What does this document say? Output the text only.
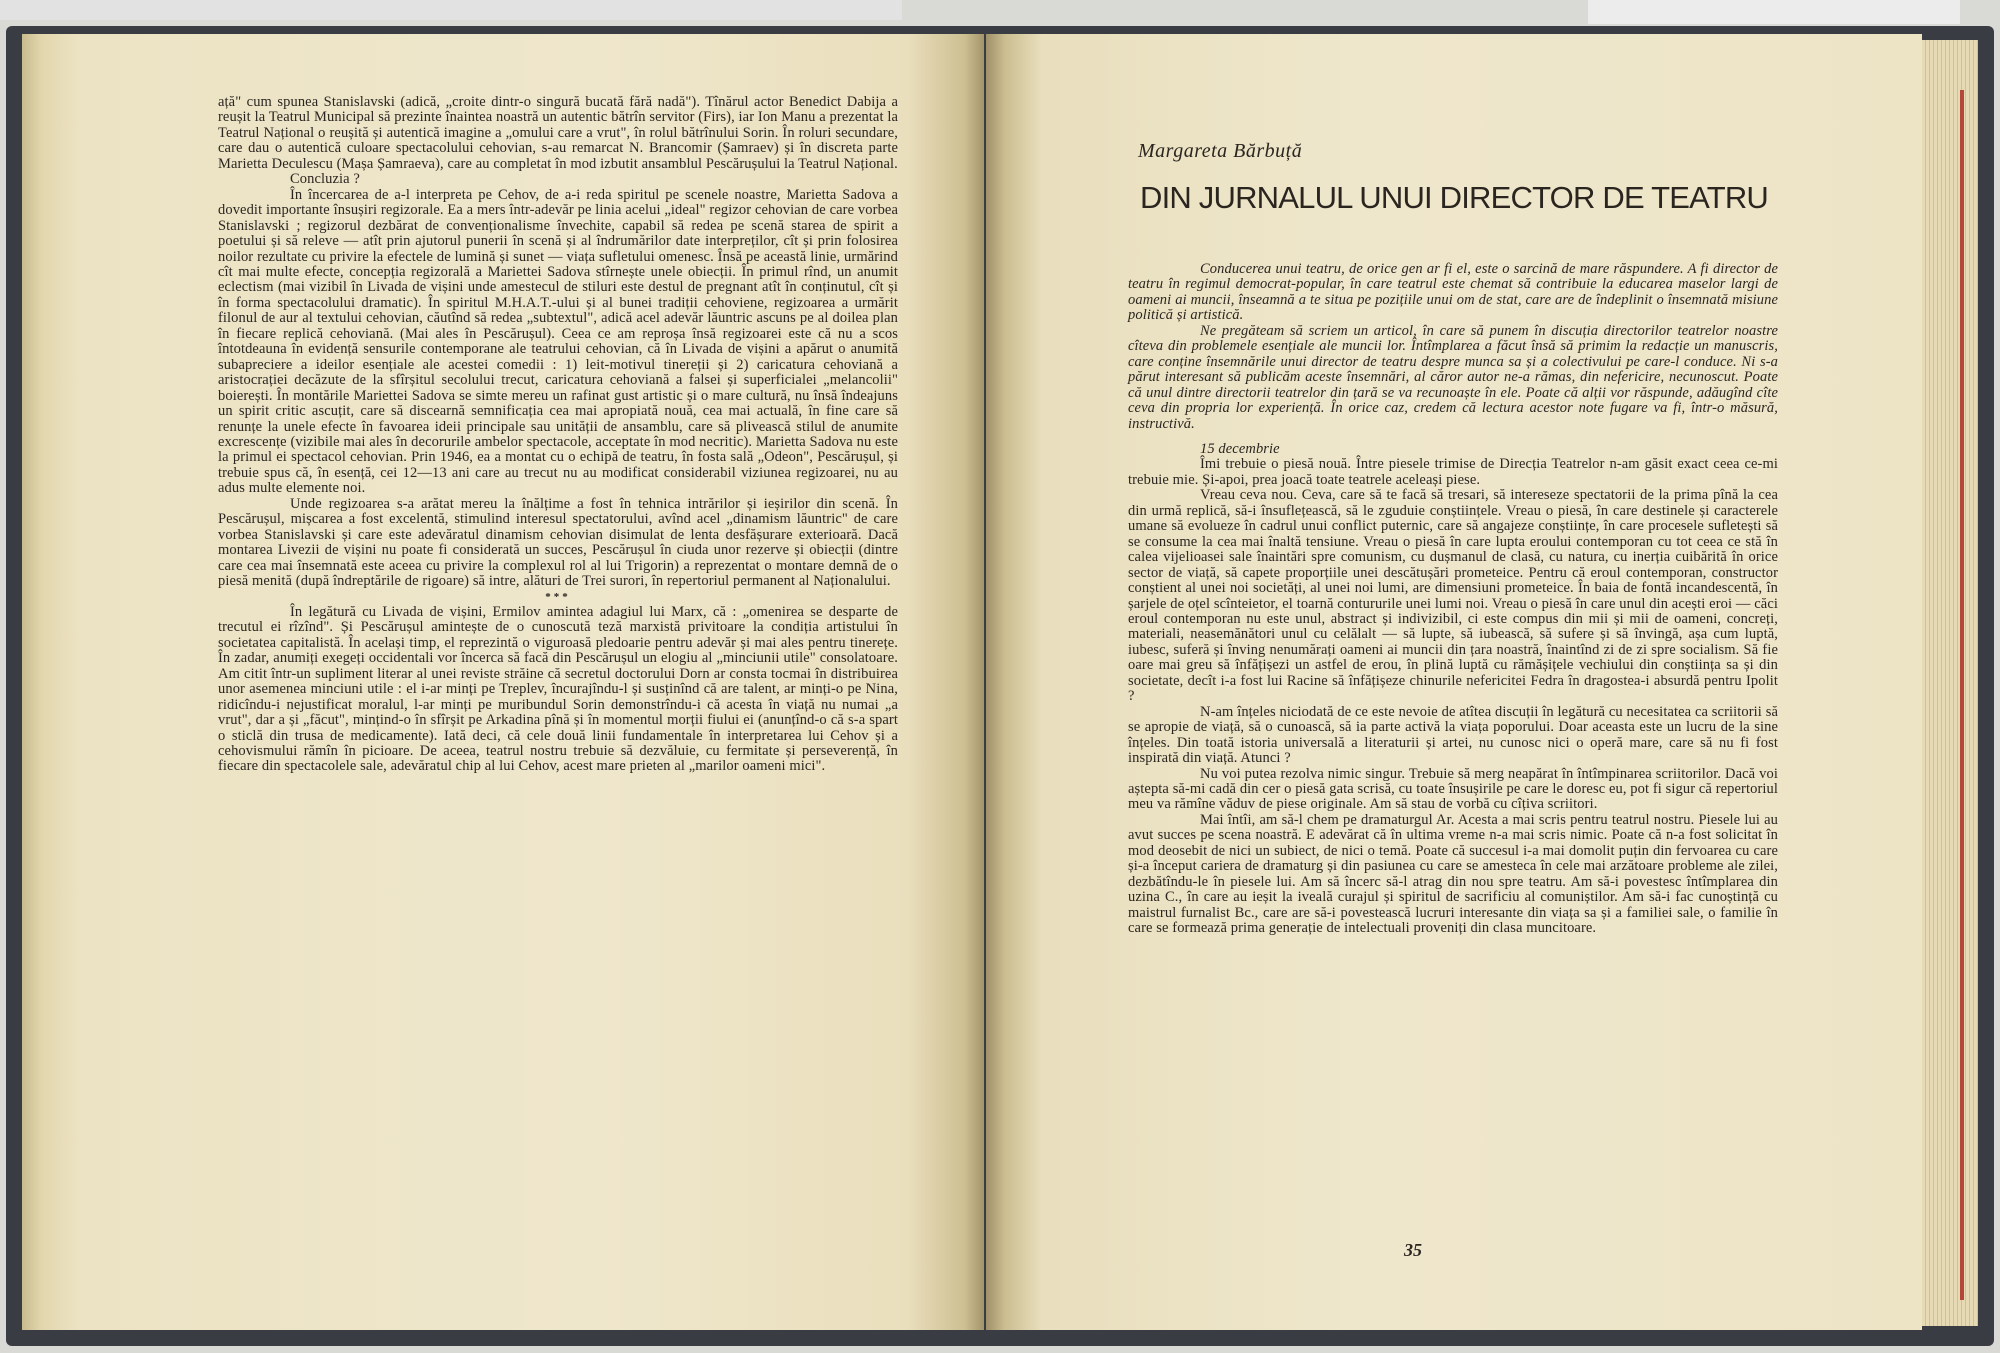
ață" cum spunea Stanislavski (adică, „croite dintr-o singură bucată fără nadă"). Tînărul actor Benedict Dabija a reușit la Teatrul Municipal să prezinte înaintea noastră un autentic bătrîn servitor (Firs), iar Ion Manu a prezentat la Teatrul Național o reușită și autentică imagine a „omului care a vrut", în rolul bătrînului Sorin. În roluri secundare, care dau o autentică culoare spectacolului cehovian, s-au remarcat N. Brancomir (Șamraev) și în discreta parte Marietta Deculescu (Mașa Șamraeva), care au completat în mod izbutit ansamblul Pescărușului la Teatrul Național.

Concluzia ?

În încercarea de a-l interpreta pe Cehov, de a-i reda spiritul pe scenele noastre, Marietta Sadova a dovedit importante însușiri regizorale. Ea a mers într-adevăr pe linia acelui „ideal" regizor cehovian de care vorbea Stanislavski ; regizorul dezbărat de convenționalisme învechite, capabil să redea pe scenă starea de spirit a poetului și să releve — atît prin ajutorul punerii în scenă și al îndrumărilor date interpreților, cît și prin folosirea noilor rezultate cu privire la efectele de lumină și sunet — viața sufletului omenesc. Însă pe această linie, urmărind cît mai multe efecte, concepția regizorală a Mariettei Sadova stîrnește unele obiecții. În primul rînd, un anumit eclectism (mai vizibil în Livada de vișini unde amestecul de stiluri este destul de pregnant atît în conținutul, cît și în forma spectacolului dramatic). În spiritul M.H.A.T.-ului și al bunei tradiții cehoviene, regizoarea a urmărit filonul de aur al textului cehovian, căutînd să redea „subtextul", adică acel adevăr lăuntric ascuns pe al doilea plan în fiecare replică cehoviană. (Mai ales în Pescărușul). Ceea ce am reproșa însă regizoarei este că nu a scos întotdeauna în evidență sensurile contemporane ale teatrului cehovian, că în Livada de vișini a apărut o anumită subapreciere a ideilor esențiale ale acestei comedii : 1) leit-motivul tinereții și 2) caricatura cehoviană a aristocrației decăzute de la sfîrșitul secolului trecut, caricatura cehoviană a falsei și superficialei „melancolii" boierești. În montările Mariettei Sadova se simte mereu un rafinat gust artistic și o mare cultură, nu însă îndeajuns un spirit critic ascuțit, care să discearnă semnificația cea mai apropiată nouă, cea mai actuală, în fine care să renunțe la unele efecte în favoarea ideii principale sau unității de ansamblu, care să plivească stilul de anumite excrescențe (vizibile mai ales în decorurile ambelor spectacole, acceptate în mod necritic). Marietta Sadova nu este la primul ei spectacol cehovian. Prin 1946, ea a montat cu o echipă de teatru, în fosta sală „Odeon", Pescărușul, și trebuie spus că, în esență, cei 12—13 ani care au trecut nu au modificat considerabil viziunea regizoarei, nu au adus multe elemente noi.

Unde regizoarea s-a arătat mereu la înălțime a fost în tehnica intrărilor și ieșirilor din scenă. În Pescărușul, mișcarea a fost excelentă, stimulind interesul spectatorului, avînd acel „dinamism lăuntric" de care vorbea Stanislavski și care este adevăratul dinamism cehovian disimulat de lenta desfășurare exterioară. Dacă montarea Livezii de vișini nu poate fi considerată un succes, Pescărușul în ciuda unor rezerve și obiecții (dintre care cea mai însemnată este aceea cu privire la complexul rol al lui Trigorin) a reprezentat o montare demnă de o piesă menită (după îndreptările de rigoare) să intre, alături de Trei surori, în repertoriul permanent al Naționalului.

***

În legătură cu Livada de vișini, Ermilov amintea adagiul lui Marx, că : „omenirea se desparte de trecutul ei rîzînd". Și Pescărușul amintește de o cunoscută teză marxistă privitoare la condiția artistului în societatea capitalistă. În același timp, el reprezintă o viguroasă pledoarie pentru adevăr și mai ales pentru tinerețe. În zadar, anumiți exegeți occidentali vor încerca să facă din Pescărușul un elogiu al „minciunii utile" consolatoare. Am citit într-un supliment literar al unei reviste străine că secretul doctorului Dorn ar consta tocmai în distribuirea unor asemenea minciuni utile : el i-ar minți pe Treplev, încurajîndu-l și susținînd că are talent, ar minți-o pe Nina, ridicîndu-i nejustificat moralul, l-ar minți pe muribundul Sorin demonstrîndu-i că acesta în viață nu numai „a vrut", dar a și „făcut", mințind-o în sfîrșit pe Arkadina pînă și în momentul morții fiului ei (anunțînd-o că s-a spart o sticlă din trusa de medicamente). Iată deci, că cele două linii fundamentale în interpretarea lui Cehov și a cehovismului rămîn în picioare. De aceea, teatrul nostru trebuie să dezvăluie, cu fermitate și perseverență, în fiecare din spectacolele sale, adevăratul chip al lui Cehov, acest mare prieten al „marilor oameni mici".

Margareta Bărbuță
DIN JURNALUL UNUI DIRECTOR DE TEATRU

Conducerea unui teatru, de orice gen ar fi el, este o sarcină de mare răspundere. A fi director de teatru în regimul democrat-popular, în care teatrul este chemat să contribuie la educarea maselor largi de oameni ai muncii, înseamnă a te situa pe pozițiile unui om de stat, care are de îndeplinit o însemnată misiune politică și artistică.

Ne pregăteam să scriem un articol, în care să punem în discuția directorilor teatrelor noastre cîteva din problemele esențiale ale muncii lor. Întîmplarea a făcut însă să primim la redacție un manuscris, care conține însemnările unui director de teatru despre munca sa și a colectivului pe care-l conduce. Ni s-a părut interesant să publicăm aceste însemnări, al căror autor ne-a rămas, din nefericire, necunoscut. Poate că unul dintre directorii teatrelor din țară se va recunoaște în ele. Poate că alții vor răspunde, adăugînd cîte ceva din propria lor experiență. În orice caz, credem că lectura acestor note fugare va fi, într-o măsură, instructivă.

15 decembrie

Îmi trebuie o piesă nouă. Între piesele trimise de Direcția Teatrelor n-am găsit exact ceea ce-mi trebuie mie. Și-apoi, prea joacă toate teatrele aceleași piese.

Vreau ceva nou. Ceva, care să te facă să tresari, să intereseze spectatorii de la prima pînă la cea din urmă replică, să-i însuflețească, să le zguduie conștiințele. Vreau o piesă, în care destinele și caracterele umane să evolueze în cadrul unui conflict puternic, care să angajeze conștiințe, în care procesele sufletești să se consume la cea mai înaltă tensiune. Vreau o piesă în care lupta eroului contemporan cu tot ceea ce stă în calea vijelioasei sale înaintări spre comunism, cu dușmanul de clasă, cu natura, cu inerția cuibărită în orice sector de viață, să capete proporțiile unei descătușări prometeice. Pentru că eroul contemporan, constructor conștient al unei noi societăți, al unei noi lumi, are dimensiuni prometeice. În baia de fontă incandescentă, în șarjele de oțel scînteietor, el toarnă contururile unei lumi noi. Vreau o piesă în care unul din acești eroi — căci eroul contemporan nu este unul, abstract și indivizibil, ci este compus din mii și mii de oameni, concreți, materiali, neasemănători unul cu celălalt — să lupte, să iubească, să sufere și să învingă, așa cum luptă, iubesc, suferă și înving nenumărați oameni ai muncii din țara noastră, înaintînd zi de zi spre socialism. Să fie oare mai greu să înfățișezi un astfel de erou, în plină luptă cu rămășițele vechiului din conștiința sa și din societate, decît i-a fost lui Racine să înfățișeze chinurile nefericitei Fedra în dragostea-i absurdă pentru Ipolit ?

N-am înțeles niciodată de ce este nevoie de atîtea discuții în legătură cu necesitatea ca scriitorii să se apropie de viață, să o cunoască, să ia parte activă la viața poporului. Doar aceasta este un lucru de la sine înțeles. Din toată istoria universală a literaturii și artei, nu cunosc nici o operă mare, care să nu fi fost inspirată din viață. Atunci ?

Nu voi putea rezolva nimic singur. Trebuie să merg neapărat în întîmpinarea scriitorilor. Dacă voi aștepta să-mi cadă din cer o piesă gata scrisă, cu toate însușirile pe care le doresc eu, pot fi sigur că repertoriul meu va rămîne văduv de piese originale. Am să stau de vorbă cu cîțiva scriitori.

Mai întîi, am să-l chem pe dramaturgul Ar. Acesta a mai scris pentru teatrul nostru. Piesele lui au avut succes pe scena noastră. E adevărat că în ultima vreme n-a mai scris nimic. Poate că n-a fost solicitat în mod deosebit de nici un subiect, de nici o temă. Poate că succesul i-a mai domolit puțin din fervoarea cu care și-a început cariera de dramaturg și din pasiunea cu care se amesteca în cele mai arzătoare probleme ale zilei, dezbătîndu-le în piesele lui. Am să încerc să-l atrag din nou spre teatru. Am să-i povestesc întîmplarea din uzina C., în care au ieșit la iveală curajul și spiritul de sacrificiu al comuniștilor. Am să-i fac cunoștință cu maistrul furnalist Bc., care are să-i povestească lucruri interesante din viața sa și a familiei sale, o familie în care se formează prima generație de intelectuali proveniți din clasa muncitoare.

35
